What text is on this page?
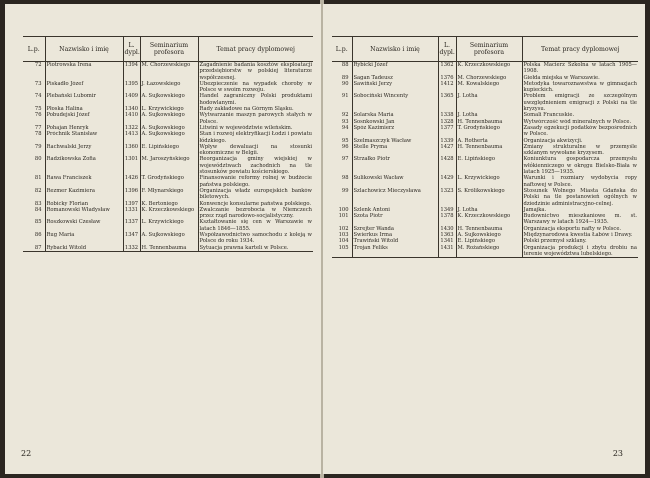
L.p.	Nazwisko i imię	L. dypl.	Seminarium profesora	Temat pracy dyplomowej
72	Piotrowska Irena	1394	M. Chorzewskiego	Zagadnienie badania kosztów eksploatacji przedsiębiorstw w polskiej literaturze współczesnej.
73	Piskadło Józef	1395	J. Łazowskiego	Ubezpieczenie na wypadek choroby w Polsce w swoim rozwoju.
74	Plebański Lubomir	1409	A. Sujkowskiego	Handel zagraniczny Polski produktami hodowlanymi.
75	Płoska Halina	1340	L. Krzywickiego	Rady zakładowe na Górnym Śląsku.
76	Pobudejski Józef	1410	A. Sujkowskiego	Wytwarzanie maszyn parowych stałych w Polsce.
77	Pohajan Henryk	1322	A. Sujkowskiego	Litwini w województwie wileńskim.
78	Próchnik Stanisław	1413	A. Sujkowskiego	Stan i rozwój elektryfikacji Łodzi i powiatu łódzkiego.
79	Rachwalski Jerzy	1360	E. Lipińskiego	Wpływ dewaluacji na stosunki ekonomiczne w Belgii.
80	Radzikowska Zofia	1301	M. Jaroszyńskiego	Reorganizacja gminy wiejskiej w województwach zachodnich na tle stosunków powiatu kościerskiego.
81	Rawa Franciszek	1426	T. Grodyńskiego	Finansowanie reformy rolnej w budżecie państwa polskiego.
82	Rezmer Kazimiera	1396	F. Młynarskiego	Organizacja władz europejskich banków biletowych.
83	Robicky Florian	1397	K. Bertoniego	Konwencje konsularne państwa polskiego.
84	Romanowski Władysław	1331	K. Krzeczkowskiego	Zwalczanie bezrobocia w Niemczech przez rząd narodowo-socjalistyczny.
85	Roszkowski Czesław	1337	L. Krzywickiego	Kształtowanie się cen w Warszawie w latach 1846—1855.
86	Rug Maria	1347	A. Sujkowskiego	Współzawodnictwo samochodu z koleją w Polsce do roku 1934.
87	Rybacki Witold	1332	H. Tennenbauma	Sytuacja prawna kartelí w Polsce.
22
L.p.	Nazwisko i imię	L. dypl.	Seminarium profesora	Temat pracy dyplomowej
88	Rybicki Józef	1362	K. Krzeczkowskiego	Polska Macierz Szkolna w latach 1905—1908.
89	Sagan Tadeusz	1376	M. Chorzewskiego	Giełda miejska w Warszawie.
90	Sawiński Jerzy	1412	M. Kowalskiego	Metodyka towaroznawstwa w gimnazjach kupieckich.
91	Sobociński Wincenty	1365	J. Lotha	Problem emigracji ze szczególnym uwzględnieniem emigracji z Polski na tle kryzysu.
92	Solarska Maria	1338	J. Lotha	Somali Francuskie.
93	Sosnkowski Jan	1328	H. Tennenbauma	Wytwórczość wód mineralnych w Polsce.
94	Spóz Kazimierz	1377	T. Grodyńskiego	Zasady egzekucji podatków bezpośrednich w Polsce.
95	Szelmaszczyk Wacław	1339	A. Rotherta	Organizacja akwizycji.
96	Stelle Pryma	1427	H. Tennenbauma	Zmiany strukturalne w przemyśle szklanym wywołane kryzysem.
97	Strzałko Piotr	1428	E. Lipińskiego	Koniunktura gospodarcza przemysłu włókienniczego w okręgu Bielsko-Biała w latach 1925—1935.
98	Sulikowski Wacław	1429	L. Krzywickiego	Warunki i rozmiary wydobycia ropy naftowej w Polsce.
99	Szlachowicz Mieczysława	1323	S. Królikowskiego	Stosunek Wolnego Miasta Gdańska do Polski na tle postanowień ogólnych w dziedzinie administracyjno-celnej.
100	Szlenk Antoni	1349	J. Lotha	Jamajka.
101	Szota Piotr	1378	K. Krzeczkowskiego	Budownictwo mieszkaniowe m. st. Warszawy w latach 1924—1935.
102	Szrejter Wanda	1430	H. Tennenbauma	Organizacja eksportu nafty w Polsce.
103	Świerkus Irma	1363	A. Sujkowskiego	Międzynarodowa kwestia Łabów i Drawy.
104	Trawiński Witold	1341	E. Lipińskiego	Polski przemysł szklany.
105	Trojan Feliks	1431	M. Rożańskiego	Organizacja produkcji i zbytu drobiu na terenie województwa lubelskiego.
23
